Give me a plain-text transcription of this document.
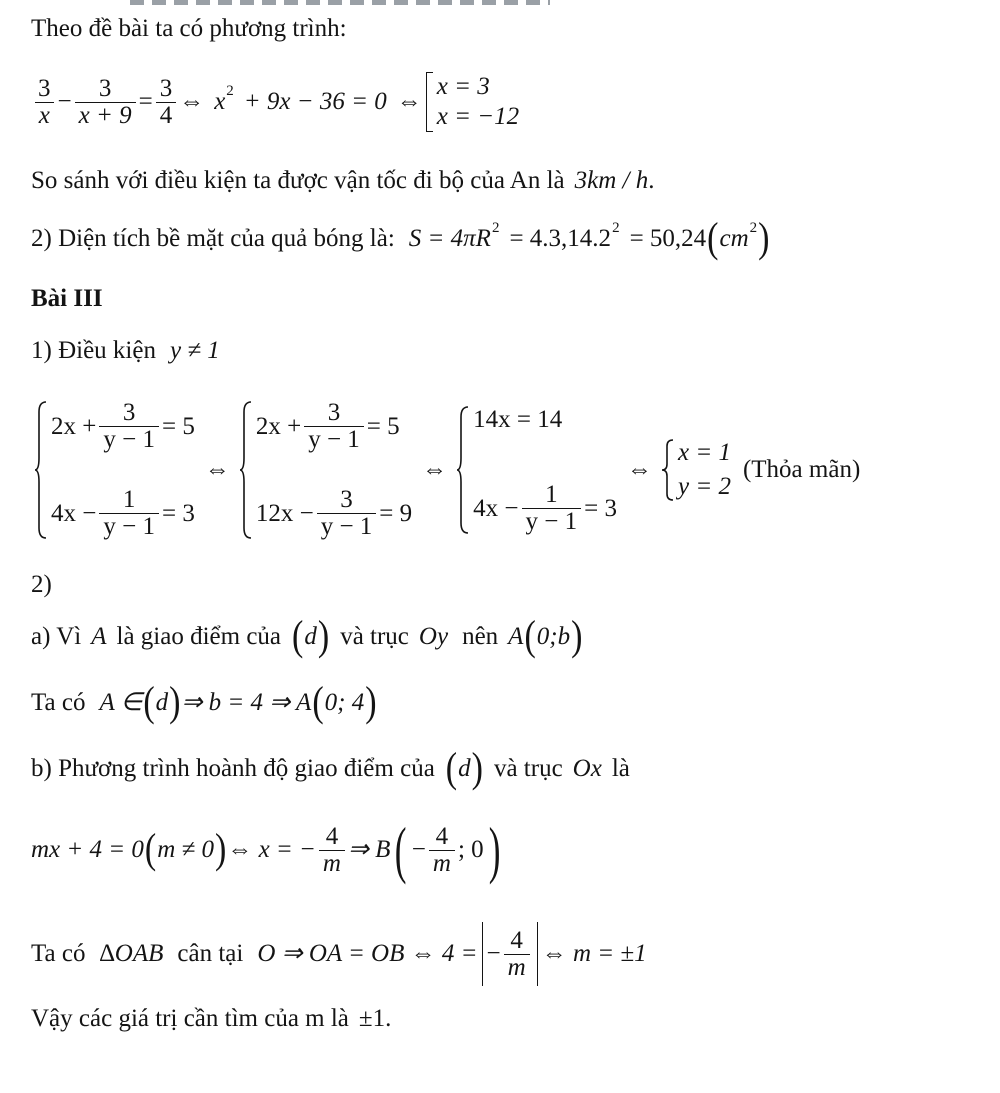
Theo đề bài ta có phương trình:
$\frac{3}{x} - \frac{3}{x + 9} = \frac{3}{4}$ ⇔ x 2 + 9x − 36 = 0 ⇔
x = 3
x = −12
So sánh với điều kiện ta được vận tốc đi bộ của An là 3km / h .
2) Diện tích bề mặt của quả bóng là: S = 4πR 2 = 4.3,14.2 2 = 50,24 ( cm 2 )
Bài III
1) Điều kiện y ≠ 1
$2x + \frac{3}{y - 1} = 5$
$4x - \frac{1}{y - 1} = 3$
⇔
$2x + \frac{3}{y - 1} = 5$
$12x - \frac{3}{y - 1} = 9$
⇔
14x = 14
$4x - \frac{1}{y - 1} = 3$
⇔
x = 1
y = 2
(Thỏa mãn)
2)
a) Vì A là giao điểm của ( d ) và trục Oy nên A ( 0;b )
Ta có A ∈ ( d ) ⇒ b = 4 ⇒ A ( 0; 4 )
b) Phương trình hoành độ giao điểm của ( d ) và trục Ox là
mx + 4 = 0 ( m ≠ 0 ) ⇔ x = − $\frac{4}{m}$ ⇒ B ( − $\frac{4}{m}$ ; 0 )
Ta có ∆OAB cân tại O ⇒ OA = OB ⇔ 4 = − $\frac{4}{m}$ ⇔ m = ±1
Vậy các giá trị cần tìm của m là ±1 .
